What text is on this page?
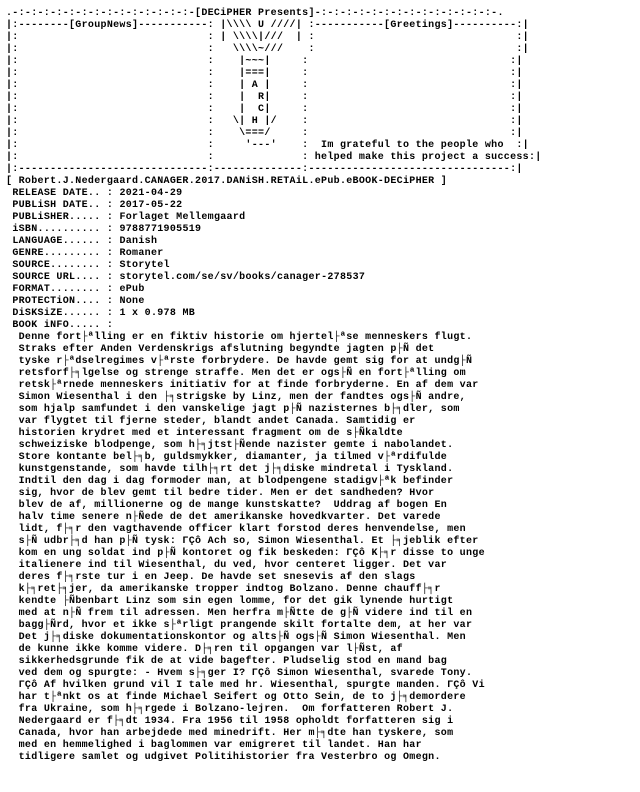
.-:-:-:-:-:-:-:-:-:-:-:-:-:-:-[DECiPHER Presents]-:-:-:-:-:-:-:-:-:-:-:-:-:-:-.
|:--------[GroupNews]-----------: |\\\\ U ////| :-----------[Greetings]----------:|
|:                              : | \\\\|///  | :                                :|
|:                              :   \\\\~///    :                                :|
|:                              :    |~~~|     :                                :|
|:                              :    |===|     :                                :|
|:                              :    | A |     :                                :|
|:                              :    |  R|     :                                :|
|:                              :    |  C|     :                                :|
|:                              :   \| H |/    :                                :|
|:                              :    \===/     :                                :|
|:                              :     '---'    :  Im grateful to the people who  :|
|:                              :              : helped make this project a success:|
|:------------------------------:--------------:--------------------------------:|
[ Robert.J.Nedergaard.CANAGER.2017.DANiSH.RETAiL.ePub.eBOOK-DECiPHER ]
RELEASE DATE.. : 2021-04-29
PUBLiSH DATE.. : 2017-05-22
PUBLiSHER..... : Forlaget Mellemgaard
iSBN.......... : 9788771905519
LANGUAGE...... : Danish
GENRE......... : Romaner
SOURCE........ : Storytel
SOURCE URL.... : storytel.com/se/sv/books/canager-278537
FORMAT........ : ePub
PROTECTiON.... : None
DiSKSiZE...... : 1 x 0.978 MB
BOOK iNFO..... :
Denne fort├ªlling er en fiktiv historie om hjertel├ªse menneskers flugt.
Straks efter Anden Verdenskrigs afslutning begyndte jagten p├Ñ det
tyske r├ªdselregimes v├ªrste forbrydere. De havde gemt sig for at undg├Ñ
retsforf├╕lgelse og strenge straffe. Men det er ogs├Ñ en fort├ªlling om
retsk├ªrnede menneskers initiativ for at finde forbryderne. En af dem var
Simon Wiesenthal i den ├╕strigske by Linz, men der fandtes ogs├Ñ andre,
som hjalp samfundet i den vanskelige jagt p├Ñ nazisternes b├╕dler, som
var flygtet til fjerne steder, blandt andet Canada. Samtidig er
historien krydret med et interessant fragment om de s├Ñkaldte
schweiziske blodpenge, som h├╕jtst├Ñende nazister gemte i nabolandet.
Store kontante bel├╕b, guldsmykker, diamanter, ja tilmed v├ªrdifulde
kunstgenstande, som havde tilh├╕rt det j├╕diske mindretal i Tyskland.
Indtil den dag i dag formoder man, at blodpengene stadigv├ªk befinder
sig, hvor de blev gemt til bedre tider. Men er det sandheden? Hvor
blev de af, millionerne og de mange kunstskatte?  Uddrag af bogen En
halv time senere n├Ñede de det amerikanske hovedkvarter. Det varede
lidt, f├╕r den vagthavende officer klart forstod deres henvendelse, men
s├Ñ udbr├╕d han p├Ñ tysk: ΓÇô Ach so, Simon Wiesenthal. Et ├╕jeblik efter
kom en ung soldat ind p├Ñ kontoret og fik beskeden: ΓÇô K├╕r disse to unge
italienere ind til Wiesenthal, du ved, hvor centeret ligger. Det var
deres f├╕rste tur i en Jeep. De havde set snesevis af den slags
k├╕ret├╕jer, da amerikanske tropper indtog Bolzano. Denne chauff├╕r
kendte ├Ñbenbart Linz som sin egen lomme, for det gik lynende hurtigt
med at n├Ñ frem til adressen. Men herfra m├Ñtte de g├Ñ videre ind til en
bagg├Ñrd, hvor et ikke s├ªrligt prangende skilt fortalte dem, at her var
Det j├╕diske dokumentationskontor og alts├Ñ ogs├Ñ Simon Wiesenthal. Men
de kunne ikke komme videre. D├╕ren til opgangen var l├Ñst, af
sikkerhedsgrunde fik de at vide bagefter. Pludselig stod en mand bag
ved dem og spurgte: - Hvem s├╕ger I? ΓÇô Simon Wiesenthal, svarede Tony.
ΓÇô Af hvilken grund vil I tale med hr. Wiesenthal, spurgte manden. ΓÇô Vi
har t├ªnkt os at finde Michael Seifert og Otto Sein, de to j├╕demordere
fra Ukraine, som h├╕rgede i Bolzano-lejren.  Om forfatteren Robert J.
Nedergaard er f├╕dt 1934. Fra 1956 til 1958 opholdt forfatteren sig i
Canada, hvor han arbejdede med minedrift. Her m├╕dte han tyskere, som
med en hemmelighed i baglommen var emigreret til landet. Han har
tidligere samlet og udgivet Politihistorier fra Vesterbro og Omegn.
